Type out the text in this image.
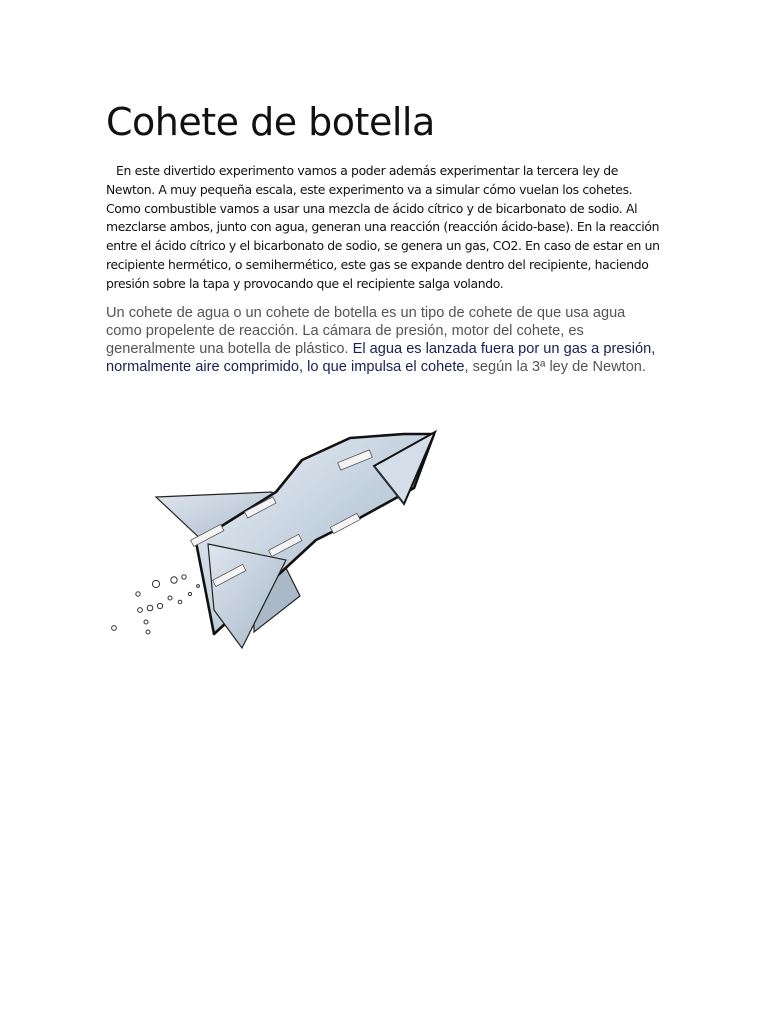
Cohete de botella

En este divertido experimento vamos a poder además experimentar la tercera ley de Newton. A muy pequeña escala, este experimento va a simular cómo vuelan los cohetes. Como combustible vamos a usar una mezcla de ácido cítrico y de bicarbonato de sodio. Al mezclarse ambos, junto con agua, generan una reacción (reacción ácido-base). En la reacción entre el ácido cítrico y el bicarbonato de sodio, se genera un gas, CO2. En caso de estar en un recipiente hermético, o semihermético, este gas se expande dentro del recipiente, haciendo presión sobre la tapa y provocando que el recipiente salga volando.

Un cohete de agua o un cohete de botella es un tipo de cohete de que usa agua como propelente de reacción. La cámara de presión, motor del cohete, es generalmente una botella de plástico. El agua es lanzada fuera por un gas a presión, normalmente aire comprimido, lo que impulsa el cohete, según la 3ª ley de Newton.
